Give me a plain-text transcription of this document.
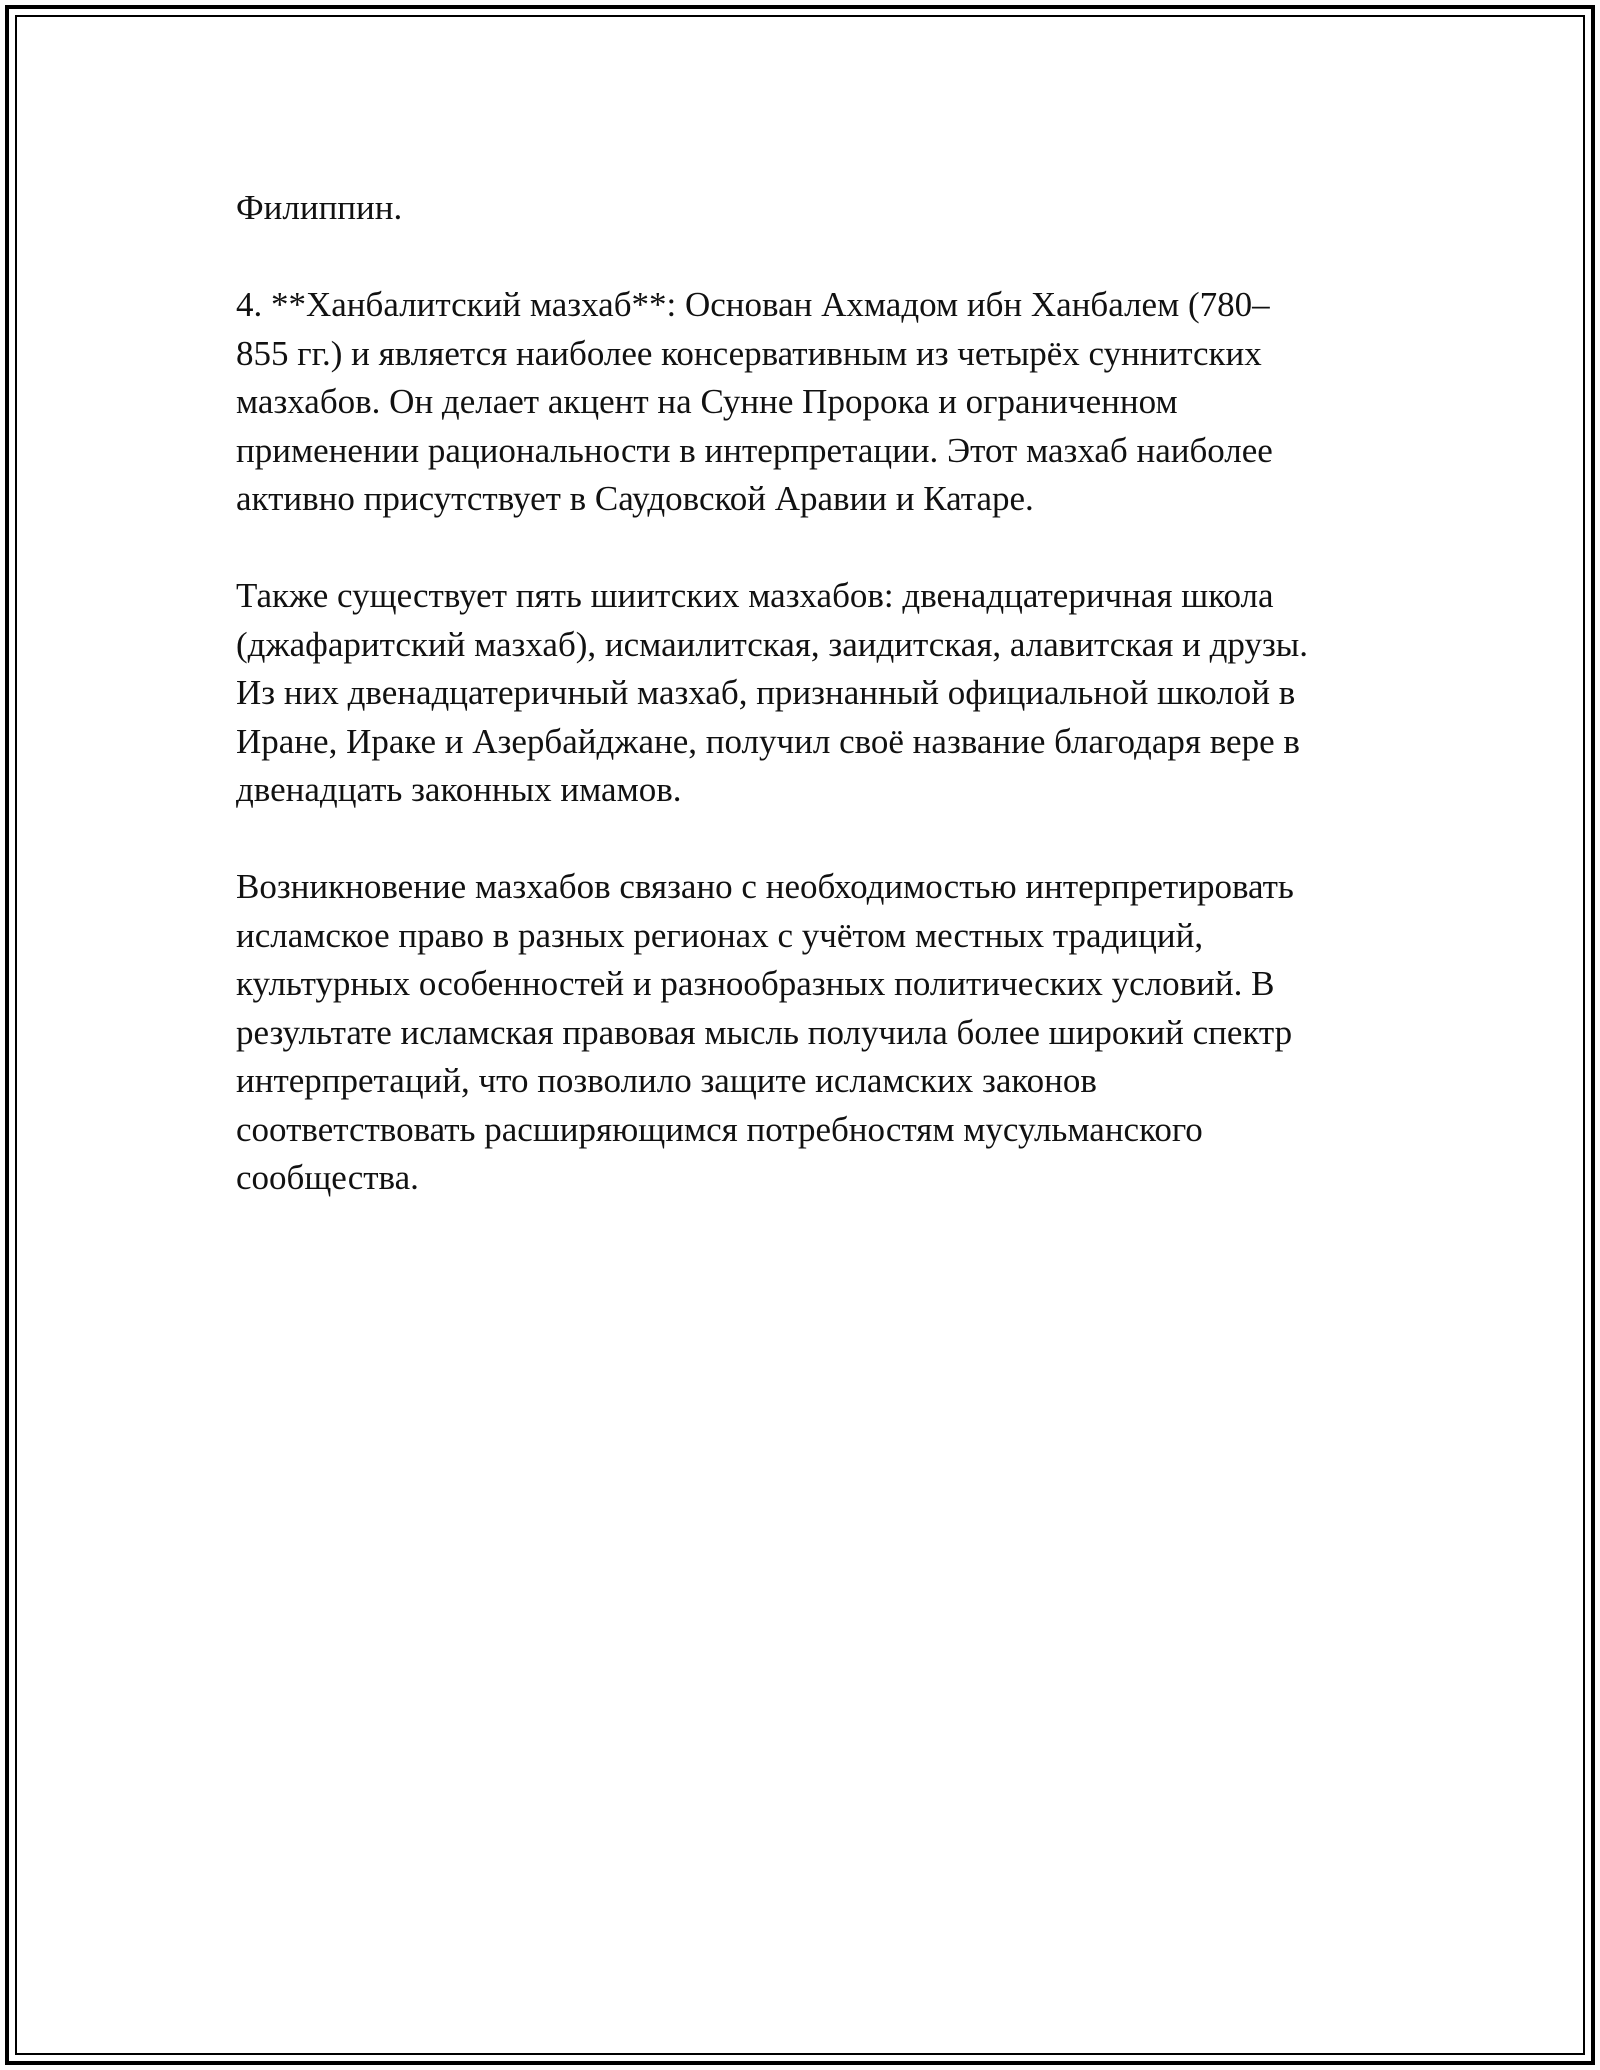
Филиппин.

4. **Ханбалитский мазхаб**: Основан Ахмадом ибн Ханбалем (780–
855 гг.) и является наиболее консервативным из четырёх суннитских
мазхабов. Он делает акцент на Сунне Пророка и ограниченном
применении рациональности в интерпретации. Этот мазхаб наиболее
активно присутствует в Саудовской Аравии и Катаре.

Также существует пять шиитских мазхабов: двенадцатеричная школа
(джафаритский мазхаб), исмаилитская, заидитская, алавитская и друзы.
Из них двенадцатеричный мазхаб, признанный официальной школой в
Иране, Ираке и Азербайджане, получил своё название благодаря вере в
двенадцать законных имамов.

Возникновение мазхабов связано с необходимостью интерпретировать
исламское право в разных регионах с учётом местных традиций,
культурных особенностей и разнообразных политических условий. В
результате исламская правовая мысль получила более широкий спектр
интерпретаций, что позволило защите исламских законов
соответствовать расширяющимся потребностям мусульманского
сообщества.
